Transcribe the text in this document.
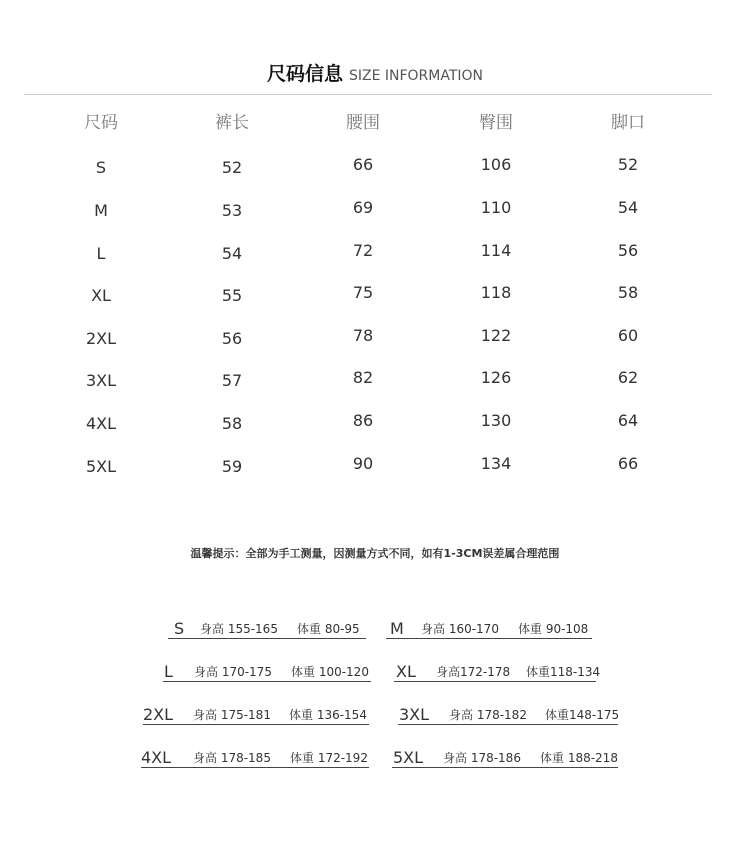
尺码信息 SIZE INFORMATION
尺码	裤长	腰围	臀围	脚口
S	52	66	106	52
M	53	69	110	54
L	54	72	114	56
XL	55	75	118	58
2XL	56	78	122	60
3XL	57	82	126	62
4XL	58	86	130	64
5XL	59	90	134	66
温馨提示：全部为手工测量，因测量方式不同，如有1-3CM误差属合理范围
S 身高 155-165 体重 80-95 M 身高 160-170 体重 90-108
L 身高 170-175 体重 100-120 XL 身高172-178 体重118-134
2XL 身高 175-181 体重 136-154 3XL 身高 178-182 体重148-175
4XL 身高 178-185 体重 172-192 5XL 身高 178-186 体重 188-218
